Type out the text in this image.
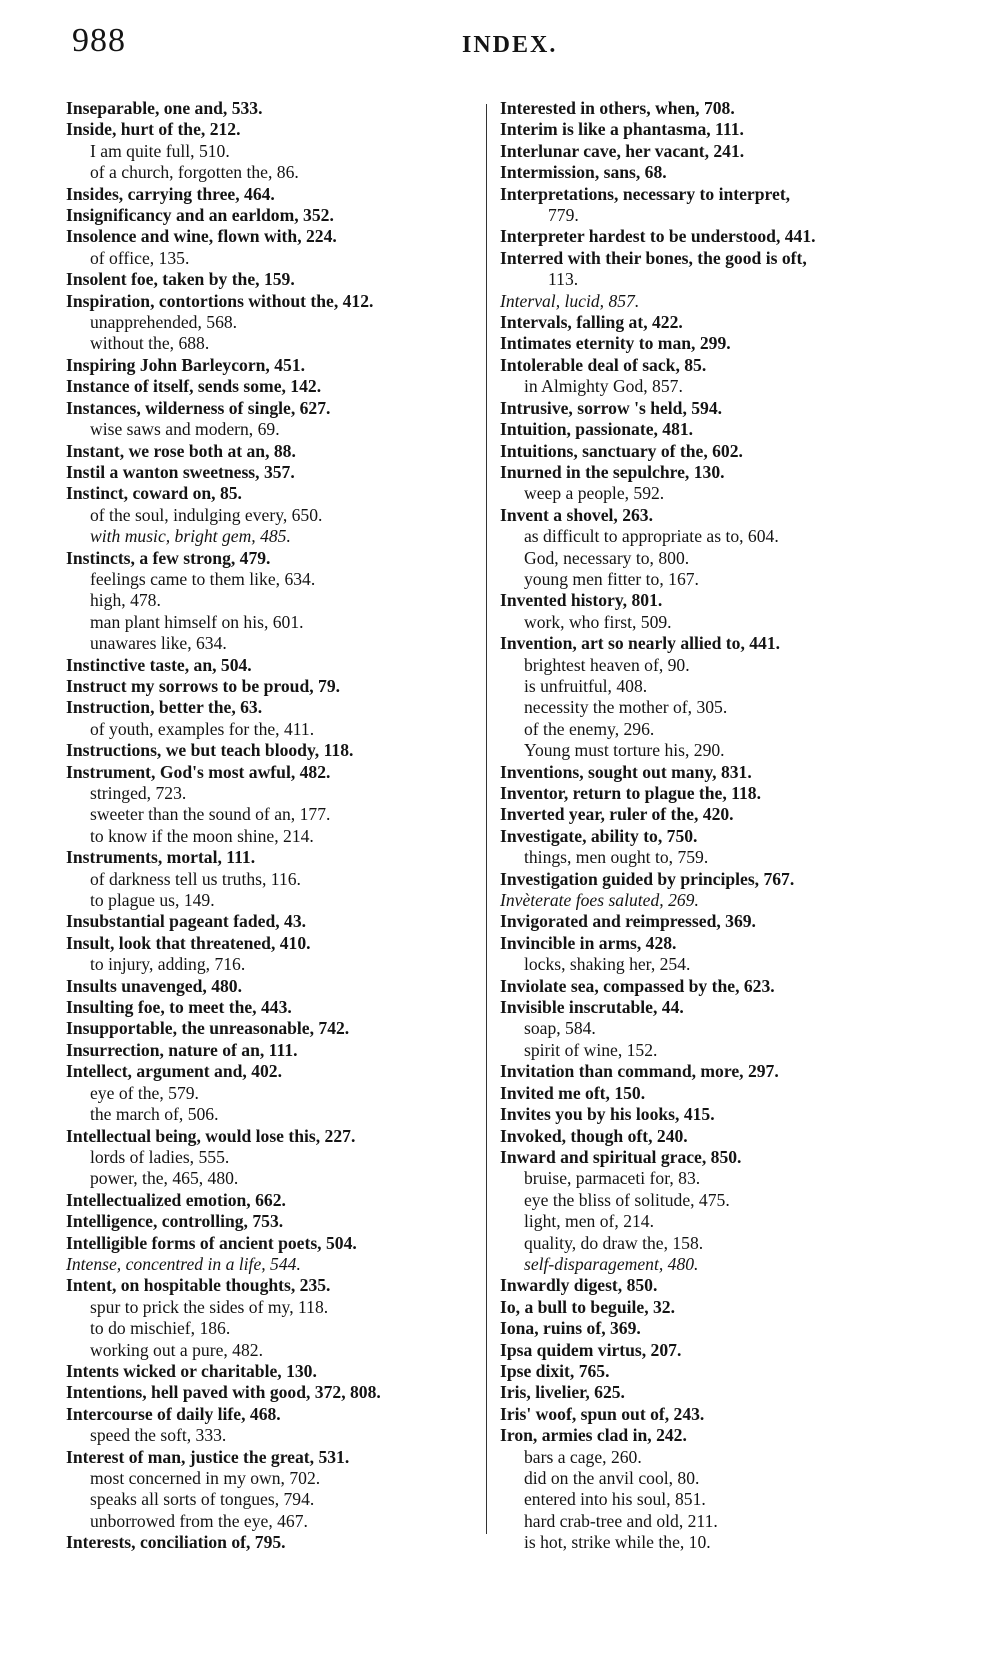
988	INDEX.
Inseparable, one and, 533.
Inside, hurt of the, 212.
I am quite full, 510.
of a church, forgotten the, 86.
Insides, carrying three, 464.
Insignificancy and an earldom, 352.
Insolence and wine, flown with, 224.
of office, 135.
Insolent foe, taken by the, 159.
Inspiration, contortions without the, 412.
unapprehended, 568.
without the, 688.
Inspiring John Barleycorn, 451.
Instance of itself, sends some, 142.
Instances, wilderness of single, 627.
wise saws and modern, 69.
Instant, we rose both at an, 88.
Instil a wanton sweetness, 357.
Instinct, coward on, 85.
of the soul, indulging every, 650.
with music, bright gem, 485.
Instincts, a few strong, 479.
feelings came to them like, 634.
high, 478.
man plant himself on his, 601.
unawares like, 634.
Instinctive taste, an, 504.
Instruct my sorrows to be proud, 79.
Instruction, better the, 63.
of youth, examples for the, 411.
Instructions, we but teach bloody, 118.
Instrument, God's most awful, 482.
stringed, 723.
sweeter than the sound of an, 177.
to know if the moon shine, 214.
Instruments, mortal, 111.
of darkness tell us truths, 116.
to plague us, 149.
Insubstantial pageant faded, 43.
Insult, look that threatened, 410.
to injury, adding, 716.
Insults unavenged, 480.
Insulting foe, to meet the, 443.
Insupportable, the unreasonable, 742.
Insurrection, nature of an, 111.
Intellect, argument and, 402.
eye of the, 579.
the march of, 506.
Intellectual being, would lose this, 227.
lords of ladies, 555.
power, the, 465, 480.
Intellectualized emotion, 662.
Intelligence, controlling, 753.
Intelligible forms of ancient poets, 504.
Intense, concentred in a life, 544.
Intent, on hospitable thoughts, 235.
spur to prick the sides of my, 118.
to do mischief, 186.
working out a pure, 482.
Intents wicked or charitable, 130.
Intentions, hell paved with good, 372, 808.
Intercourse of daily life, 468.
speed the soft, 333.
Interest of man, justice the great, 531.
most concerned in my own, 702.
speaks all sorts of tongues, 794.
unborrowed from the eye, 467.
Interests, conciliation of, 795.
Interested in others, when, 708.
Interim is like a phantasma, 111.
Interlunar cave, her vacant, 241.
Intermission, sans, 68.
Interpretations, necessary to interpret,
779.
Interpreter hardest to be understood, 441.
Interred with their bones, the good is oft,
113.
Interval, lucid, 857.
Intervals, falling at, 422.
Intimates eternity to man, 299.
Intolerable deal of sack, 85.
in Almighty God, 857.
Intrusive, sorrow 's held, 594.
Intuition, passionate, 481.
Intuitions, sanctuary of the, 602.
Inurned in the sepulchre, 130.
weep a people, 592.
Invent a shovel, 263.
as difficult to appropriate as to, 604.
God, necessary to, 800.
young men fitter to, 167.
Invented history, 801.
work, who first, 509.
Invention, art so nearly allied to, 441.
brightest heaven of, 90.
is unfruitful, 408.
necessity the mother of, 305.
of the enemy, 296.
Young must torture his, 290.
Inventions, sought out many, 831.
Inventor, return to plague the, 118.
Inverted year, ruler of the, 420.
Investigate, ability to, 750.
things, men ought to, 759.
Investigation guided by principles, 767.
Invèterate foes saluted, 269.
Invigorated and reimpressed, 369.
Invincible in arms, 428.
locks, shaking her, 254.
Inviolate sea, compassed by the, 623.
Invisible inscrutable, 44.
soap, 584.
spirit of wine, 152.
Invitation than command, more, 297.
Invited me oft, 150.
Invites you by his looks, 415.
Invoked, though oft, 240.
Inward and spiritual grace, 850.
bruise, parmaceti for, 83.
eye the bliss of solitude, 475.
light, men of, 214.
quality, do draw the, 158.
self-disparagement, 480.
Inwardly digest, 850.
Io, a bull to beguile, 32.
Iona, ruins of, 369.
Ipsa quidem virtus, 207.
Ipse dixit, 765.
Iris, livelier, 625.
Iris' woof, spun out of, 243.
Iron, armies clad in, 242.
bars a cage, 260.
did on the anvil cool, 80.
entered into his soul, 851.
hard crab-tree and old, 211.
is hot, strike while the, 10.
